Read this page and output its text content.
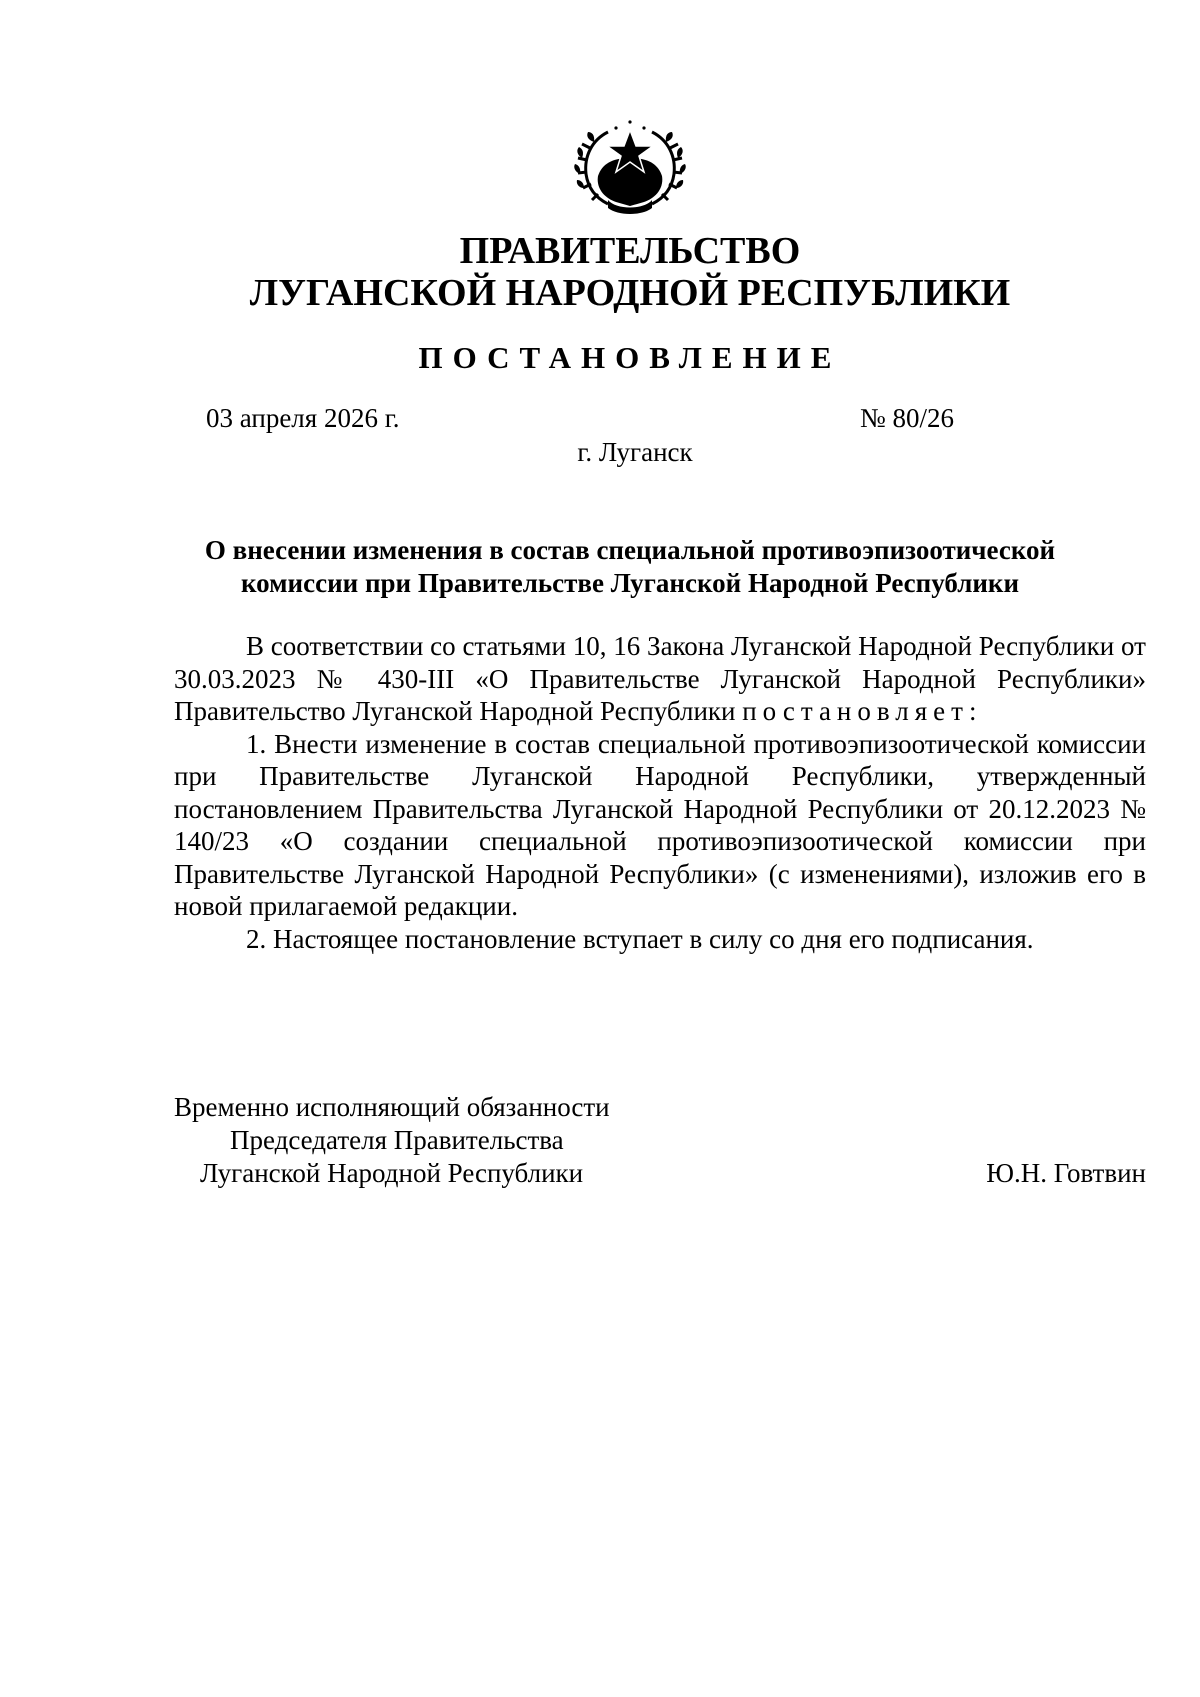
ПРАВИТЕЛЬСТВО
ЛУГАНСКОЙ НАРОДНОЙ РЕСПУБЛИКИ
ПОСТАНОВЛЕНИЕ
03 апреля 2026 г.	№ 80/26
г. Луганск
О внесении изменения в состав специальной противоэпизоотической
комиссии при Правительстве Луганской Народной Республики

В соответствии со статьями 10, 16 Закона Луганской Народной Республики от 30.03.2023 № 430-III «О Правительстве Луганской Народной Республики» Правительство Луганской Народной Республики постановляет:

1. Внести изменение в состав специальной противоэпизоотической комиссии при Правительстве Луганской Народной Республики, утвержденный постановлением Правительства Луганской Народной Республики от 20.12.2023 № 140/23 «О создании специальной противоэпизоотической комиссии при Правительстве Луганской Народной Республики» (с изменениями), изложив его в новой прилагаемой редакции.

2. Настоящее постановление вступает в силу со дня его подписания.

Временно исполняющий обязанности
Председателя Правительства
Луганской Народной Республики	Ю.Н. Говтвин
